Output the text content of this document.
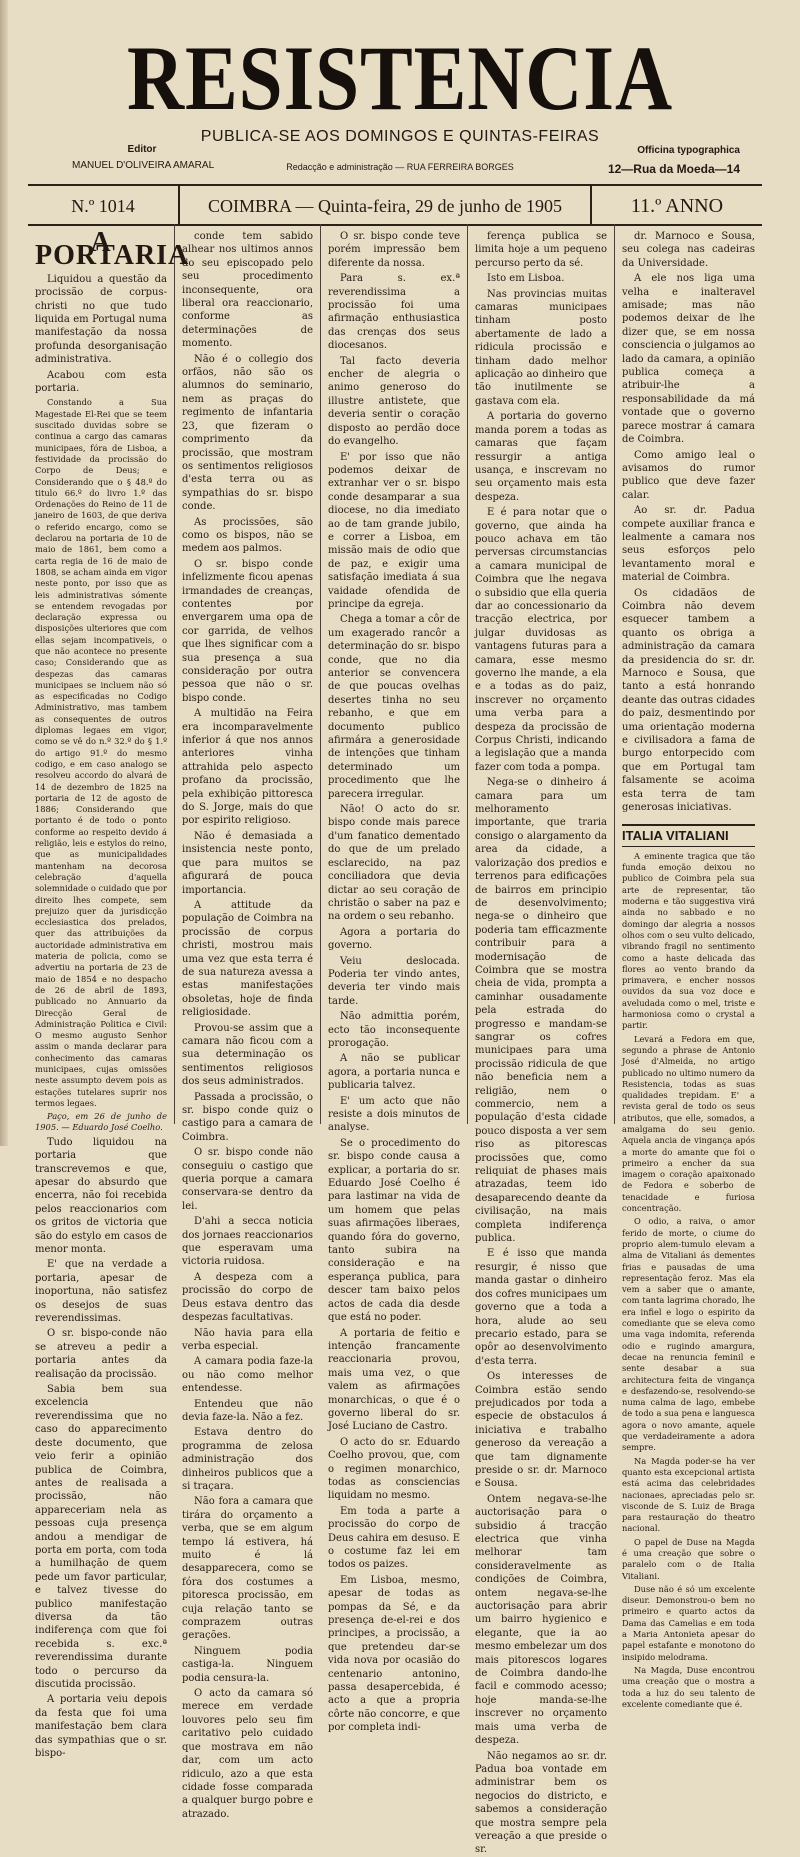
RESISTENCIA
PUBLICA-SE AOS DOMINGOS E QUINTAS-FEIRAS
Editor
MANUEL D'OLIVEIRA AMARAL	Redacção e administração — RUA FERREIRA BORGES
Officina typographica
12—Rua da Moeda—14
N.º 1014	COIMBRA — Quinta-feira, 29 de junho de 1905	11.º ANNO
A PORTARIA

Liquidou a questão da procissão de corpus-christi no que tudo liquida em Portugal numa manifestação da nossa profunda desorganisação administrativa.

Acabou com esta portaria.

Constando a Sua Magestade El-Rei que se teem suscitado duvidas sobre se continua a cargo das camaras municipaes, fóra de Lisboa, a festividade da procissão do Corpo de Deus; e Considerando que o § 48.º do titulo 66.º do livro 1.º das Ordenações do Reino de 11 de janeiro de 1603, de que deriva o referido encargo, como se declarou na portaria de 10 de maio de 1861, bem como a carta regia de 16 de maio de 1808, se acham ainda em vigor neste ponto, por isso que as leis administrativas sómente se entendem revogadas por declaração expressa ou disposições ulteriores que com ellas sejam incompativeis, o que não acontece no presente caso; Considerando que as despezas das camaras municipaes se incluem não só as especificadas no Codigo Administrativo, mas tambem as consequentes de outros diplomas legaes em vigor, como se vê do n.º 32.º do § 1.º do artigo 91.º do mesmo codigo, e em caso analogo se resolveu accordo do alvará de 14 de dezembro de 1825 na portaria de 12 de agosto de 1886; Considerando que portanto é de todo o ponto conforme ao respeito devido á religião, leis e estylos do reino, que as municipalidades mantenham na decorosa celebração d'aquella solemnidade o cuidado que por direito lhes compete, sem prejuizo quer da jurisdicção ecclesiastica dos prelados, quer das attribuições da auctoridade administrativa em materia de policia, como se advertiu na portaria de 23 de maio de 1854 e no despacho de 26 de abril de 1893, publicado no Annuario da Direcção Geral de Administração Politica e Civil: O mesmo augusto Senhor assim o manda declarar para conhecimento das camaras municipaes, cujas omissões neste assumpto devem pois as estações tutelares suprir nos termos legaes.

Paço, em 26 de junho de 1905. — Eduardo José Coelho.

Tudo liquidou na portaria que transcrevemos e que, apesar do absurdo que encerra, não foi recebida pelos reaccionarios com os gritos de victoria que são do estylo em casos de menor monta.

E' que na verdade a portaria, apesar de inoportuna, não satisfez os desejos de suas reverendissimas.

O sr. bispo-conde não se atreveu a pedir a portaria antes da realisação da procissão.

Sabia bem sua excelencia reverendissima que no caso do apparecimento deste documento, que veio ferir a opinião publica de Coimbra, antes de realisada a procissão, não appareceriam nela as pessoas cuja presença andou a mendigar de porta em porta, com toda a humilhação de quem pede um favor particular, e talvez tivesse do publico manifestação diversa da tão indiferença com que foi recebida s. exc.ª reverendissima durante todo o percurso da discutida procissão.

A portaria veiu depois da festa que foi uma manifestação bem clara das sympathias que o sr. bispo-

conde tem sabido alhear nos ultimos annos do seu episcopado pelo seu procedimento inconsequente, ora liberal ora reaccionario, conforme as determinações de momento.

Não é o collegio dos orfãos, não são os alumnos do seminario, nem as praças do regimento de infantaria 23, que fizeram o comprimento da procissão, que mostram os sentimentos religiosos d'esta terra ou as sympathias do sr. bispo conde.

As procissões, são como os bispos, não se medem aos palmos.

O sr. bispo conde infelizmente ficou apenas irmandades de creanças, contentes por envergarem uma opa de cor garrida, de velhos que lhes significar com a sua presença a sua consideração por outra pessoa que não o sr. bispo conde.

A multidão na Feira era incomparavelmente inferior á que nos annos anteriores vinha attrahida pelo aspecto profano da procissão, pela exhibição pittoresca do S. Jorge, mais do que por espirito religioso.

Não é demasiada a insistencia neste ponto, que para muitos se afigurará de pouca importancia.

A attitude da população de Coimbra na procissão de corpus christi, mostrou mais uma vez que esta terra é de sua natureza avessa a estas manifestações obsoletas, hoje de finda religiosidade.

Provou-se assim que a camara não ficou com a sua determinação os sentimentos religiosos dos seus administrados.

Passada a procissão, o sr. bispo conde quiz o castigo para a camara de Coimbra.

O sr. bispo conde não conseguiu o castigo que queria porque a camara conservara-se dentro da lei.

D'ahi a secca noticia dos jornaes reaccionarios que esperavam uma victoria ruidosa.

A despeza com a procissão do corpo de Deus estava dentro das despezas facultativas.

Não havia para ella verba especial.

A camara podia faze-la ou não como melhor entendesse.

Entendeu que não devia faze-la. Não a fez.

Estava dentro do programma de zelosa administração dos dinheiros publicos que a si traçara.

Não fora a camara que tirára do orçamento a verba, que se em algum tempo lá estivera, há muito é lá desapparecera, como se fóra dos costumes a pitoresca procissão, em cuja relação tanto se comprazem outras gerações.

Ninguem podia castiga-la. Ninguem podia censura-la.

O acto da camara só merece em verdade louvores pelo seu fim caritativo pelo cuidado que mostrava em não dar, com um acto ridiculo, azo a que esta cidade fosse comparada a qualquer burgo pobre e atrazado.

O sr. bispo conde teve porém impressão bem diferente da nossa.

Para s. ex.ª reverendissima a procissão foi uma afirmação enthusiastica das crenças dos seus diocesanos.

Tal facto deveria encher de alegria o animo generoso do illustre antistete, que deveria sentir o coração disposto ao perdão doce do evangelho.

E' por isso que não podemos deixar de extranhar ver o sr. bispo conde desamparar a sua diocese, no dia imediato ao de tam grande jubilo, e correr a Lisboa, em missão mais de odio que de paz, e exigir uma satisfação imediata á sua vaidade ofendida de principe da egreja.

Chega a tomar a côr de um exagerado rancôr a determinação do sr. bispo conde, que no dia anterior se convencera de que poucas ovelhas desertes tinha no seu rebanho, e que em documento publico afirmára a generosidade de intenções que tinham determinado um procedimento que lhe parecera irregular.

Não! O acto do sr. bispo conde mais parece d'um fanatico dementado do que de um prelado esclarecido, na paz conciliadora que devia dictar ao seu coração de christão o saber na paz e na ordem o seu rebanho.

Agora a portaria do governo.

Veiu deslocada. Poderia ter vindo antes, deveria ter vindo mais tarde.

Não admittia porém, ecto tão inconsequente prorogação.

A não se publicar agora, a portaria nunca e publicaria talvez.

E' um acto que não resiste a dois minutos de analyse.

Se o procedimento do sr. bispo conde causa a explicar, a portaria do sr. Eduardo José Coelho é para lastimar na vida de um homem que pelas suas afirmações liberaes, quando fóra do governo, tanto subira na consideração e na esperança publica, para descer tam baixo pelos actos de cada dia desde que está no poder.

A portaria de feitio e intenção francamente reaccionaria provou, mais uma vez, o que valem as afirmações monarchicas, o que é o governo liberal do sr. José Luciano de Castro.

O acto do sr. Eduardo Coelho provou, que, com o regimen monarchico, todas as consciencias liquidam no mesmo.

Em toda a parte a procissão do corpo de Deus cahira em desuso. E o costume faz lei em todos os paizes.

Em Lisboa, mesmo, apesar de todas as pompas da Sé, e da presença de-el-rei e dos principes, a procissão, a que pretendeu dar-se vida nova por ocasião do centenario antonino, passa desapercebida, é acto a que a propria côrte não concorre, e que por completa indi-

ferença publica se limita hoje a um pequeno percurso perto da sé.

Isto em Lisboa.

Nas provincias muitas camaras municipaes tinham posto abertamente de lado a ridicula procissão e tinham dado melhor aplicação ao dinheiro que tão inutilmente se gastava com ela.

A portaria do governo manda porem a todas as camaras que façam ressurgir a antiga usança, e inscrevam no seu orçamento mais esta despeza.

E é para notar que o governo, que ainda ha pouco achava em tão perversas circumstancias a camara municipal de Coimbra que lhe negava o subsidio que ella queria dar ao concessionario da tracção electrica, por julgar duvidosas as vantagens futuras para a camara, esse mesmo governo lhe mande, a ela e a todas as do paiz, inscrever no orçamento uma verba para a despeza da procissão de Corpus Christi, indicando a legislação que a manda fazer com toda a pompa.

Nega-se o dinheiro á camara para um melhoramento importante, que traria consigo o alargamento da area da cidade, a valorização dos predios e terrenos para edificações de bairros em principio de desenvolvimento; nega-se o dinheiro que poderia tam efficazmente contribuir para a modernisação de Coimbra que se mostra cheia de vida, prompta a caminhar ousadamente pela estrada do progresso e mandam-se sangrar os cofres municipaes para uma procissão ridicula de que não beneficia nem a religião, nem o commercio, nem a população d'esta cidade pouco disposta a ver sem riso as pitorescas procissões que, como reliquiat de phases mais atrazadas, teem ido desaparecendo deante da civilisação, na mais completa indiferença publica.

E é isso que manda resurgir, é nisso que manda gastar o dinheiro dos cofres municipaes um governo que a toda a hora, alude ao seu precario estado, para se opôr ao desenvolvimento d'esta terra.

Os interesses de Coimbra estão sendo prejudicados por toda a especie de obstaculos á iniciativa e trabalho generoso da vereação a que tam dignamente preside o sr. dr. Marnoco e Sousa.

Ontem negava-se-lhe auctorisação para o subsidio á tracção electrica que vinha melhorar tam consideravelmente as condições de Coimbra, ontem negava-se-lhe auctorisação para abrir um bairro hygienico e elegante, que ia ao mesmo embelezar um dos mais pitorescos logares de Coimbra dando-lhe facil e commodo acesso; hoje manda-se-lhe inscrever no orçamento mais uma verba de despeza.

Não negamos ao sr. dr. Padua boa vontade em administrar bem os negocios do districto, e sabemos a consideração que mostra sempre pela vereação a que preside o sr.

dr. Marnoco e Sousa, seu colega nas cadeiras da Universidade.

A ele nos liga uma velha e inalteravel amisade; mas não podemos deixar de lhe dizer que, se em nossa consciencia o julgamos ao lado da camara, a opinião publica começa a atribuir-lhe a responsabilidade da má vontade que o governo parece mostrar á camara de Coimbra.

Como amigo leal o avisamos do rumor publico que deve fazer calar.

Ao sr. dr. Padua compete auxiliar franca e lealmente a camara nos seus esforços pelo levantamento moral e material de Coimbra.

Os cidadãos de Coimbra não devem esquecer tambem a quanto os obriga a administração da camara da presidencia do sr. dr. Marnoco e Sousa, que tanto a está honrando deante das outras cidades do paiz, desmentindo por uma orientação moderna e civilisadora a fama de burgo entorpecido com que em Portugal tam falsamente se acoima esta terra de tam generosas iniciativas.

ITALIA VITALIANI

A eminente tragica que tão funda emoção deixou no publico de Coimbra pela sua arte de representar, tão moderna e tão suggestiva virá ainda no sabbado e no domingo dar alegria a nossos olhos com o seu vulto delicado, vibrando fragil no sentimento como a haste delicada das flores ao vento brando da primavera, e encher nossos ouvidos da sua voz doce e aveludada como o mel, triste e harmoniosa como o crystal a partir.

Levará a Fedora em que, segundo a phrase de Antonio José d'Almeida, no artigo publicado no ultimo numero da Resistencia, todas as suas qualidades trepidam. E' a revista geral de todo os seus atributos, que elle, somados, a amalgama do seu genio. Aquela ancia de vingança após a morte do amante que foi o primeiro a encher da sua imagem o coração apaixonado de Fedora e soberbo de tenacidade e furiosa concentração.

O odio, a raiva, o amor ferido de morte, o ciume do proprio alem-tumulo elevam a alma de Vitaliani ás dementes frias e pausadas de uma representação feroz. Mas ela vem a saber que o amante, com tanta lagrima chorado, lhe era infiel e logo o espirito da comediante que se eleva como uma vaga indomita, referenda odio e rugindo amargura, decae na renuncia feminil e sente desabar a sua architectura feita de vingança e desfazendo-se, resolvendo-se numa calma de lago, embebe de todo a sua pena e languesca agora o novo amante, aquele que verdadeiramente a adora sempre.

Na Magda poder-se ha ver quanto esta excepcional artista está acima das celebridades nacionaes, apreciadas pelo sr. visconde de S. Luiz de Braga para restauração do theatro nacional.

O papel de Duse na Magda é uma creação que sobre o paralelo com o de Italia Vitaliani.

Duse não é só um excelente diseur. Demonstrou-o bem no primeiro e quarto actos da Dama das Camelias e em toda a Maria Antonieta apesar do papel estafante e monotono do insipido melodrama.

Na Magda, Duse encontrou uma creação que o mostra a toda a luz do seu talento de excelente comediante que é.
